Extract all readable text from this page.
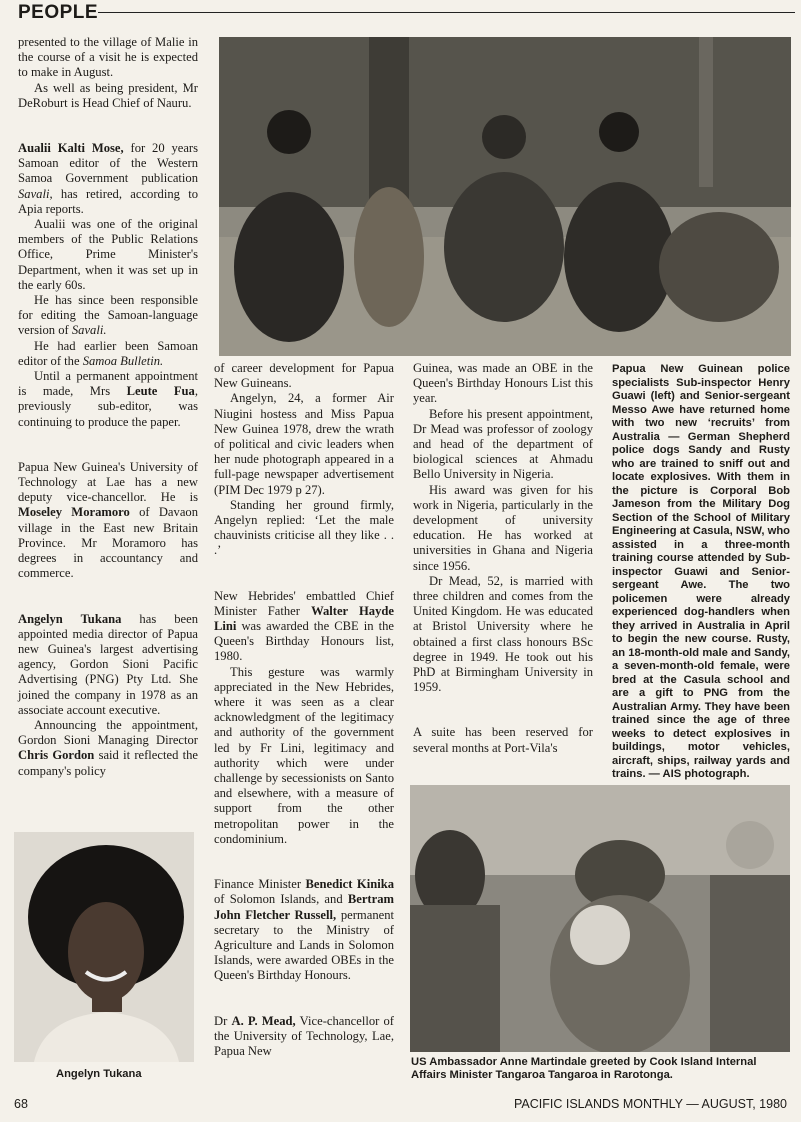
PEOPLE

presented to the village of Malie in the course of a visit he is expected to make in August.

As well as being president, Mr DeRoburt is Head Chief of Nauru.

Aualii Kalti Mose, for 20 years Samoan editor of the Western Samoa Government publication Savali, has retired, according to Apia reports.

Aualii was one of the original members of the Public Relations Office, Prime Minister's Department, when it was set up in the early 60s.

He has since been responsible for editing the Samoan-language version of Savali.

He had earlier been Samoan editor of the Samoa Bulletin.

Until a permanent appointment is made, Mrs Leute Fua, previously sub-editor, was continuing to produce the paper.

Papua New Guinea's University of Technology at Lae has a new deputy vice-chancellor. He is Moseley Moramoro of Davaon village in the East new Britain Province. Mr Moramoro has degrees in accountancy and commerce.

Angelyn Tukana has been appointed media director of Papua new Guinea's largest advertising agency, Gordon Sioni Pacific Advertising (PNG) Pty Ltd. She joined the company in 1978 as an associate account executive.

Announcing the appointment, Gordon Sioni Managing Director Chris Gordon said it reflected the company's policy

Angelyn Tukana

Papua New Guinean police specialists Sub-inspector Henry Guawi (left) and Senior-sergeant Messo Awe have returned home with two new ‘recruits’ from Australia — German Shepherd police dogs Sandy and Rusty who are trained to sniff out and locate explosives. With them in the picture is Corporal Bob Jameson from the Military Dog Section of the School of Military Engineering at Casula, NSW, who assisted in a three-month training course attended by Sub-inspector Guawi and Senior-sergeant Awe. The two policemen were already experienced dog-handlers when they arrived in Australia in April to begin the new course. Rusty, an 18-month-old male and Sandy, a seven-month-old female, were bred at the Casula school and are a gift to PNG from the Australian Army. They have been trained since the age of three weeks to detect explosives in buildings, motor vehicles, aircraft, ships, railway yards and trains. — AIS photograph.

of career development for Papua New Guineans.

Angelyn, 24, a former Air Niugini hostess and Miss Papua New Guinea 1978, drew the wrath of political and civic leaders when her nude photograph appeared in a full-page newspaper advertisement (PIM Dec 1979 p 27).

Standing her ground firmly, Angelyn replied: ‘Let the male chauvinists criticise all they like . . .’

New Hebrides' embattled Chief Minister Father Walter Hayde Lini was awarded the CBE in the Queen's Birthday Honours list, 1980.

This gesture was warmly appreciated in the New Hebrides, where it was seen as a clear acknowledgment of the legitimacy and authority of the government led by Fr Lini, legitimacy and authority which were under challenge by secessionists on Santo and elsewhere, with a measure of support from the other metropolitan power in the condominium.

Finance Minister Benedict Kinika of Solomon Islands, and Bertram John Fletcher Russell, permanent secretary to the Ministry of Agriculture and Lands in Solomon Islands, were awarded OBEs in the Queen's Birthday Honours.

Dr A. P. Mead, Vice-chancellor of the University of Technology, Lae, Papua New

Guinea, was made an OBE in the Queen's Birthday Honours List this year.

Before his present appointment, Dr Mead was professor of zoology and head of the department of biological sciences at Ahmadu Bello University in Nigeria.

His award was given for his work in Nigeria, particularly in the development of university education. He has worked at universities in Ghana and Nigeria since 1956.

Dr Mead, 52, is married with three children and comes from the United Kingdom. He was educated at Bristol University where he obtained a first class honours BSc degree in 1949. He took out his PhD at Birmingham University in 1959.

A suite has been reserved for several months at Port-Vila's

US Ambassador Anne Martindale greeted by Cook Island Internal Affairs Minister Tangaroa Tangaroa in Rarotonga.

68	PACIFIC ISLANDS MONTHLY — AUGUST, 1980
